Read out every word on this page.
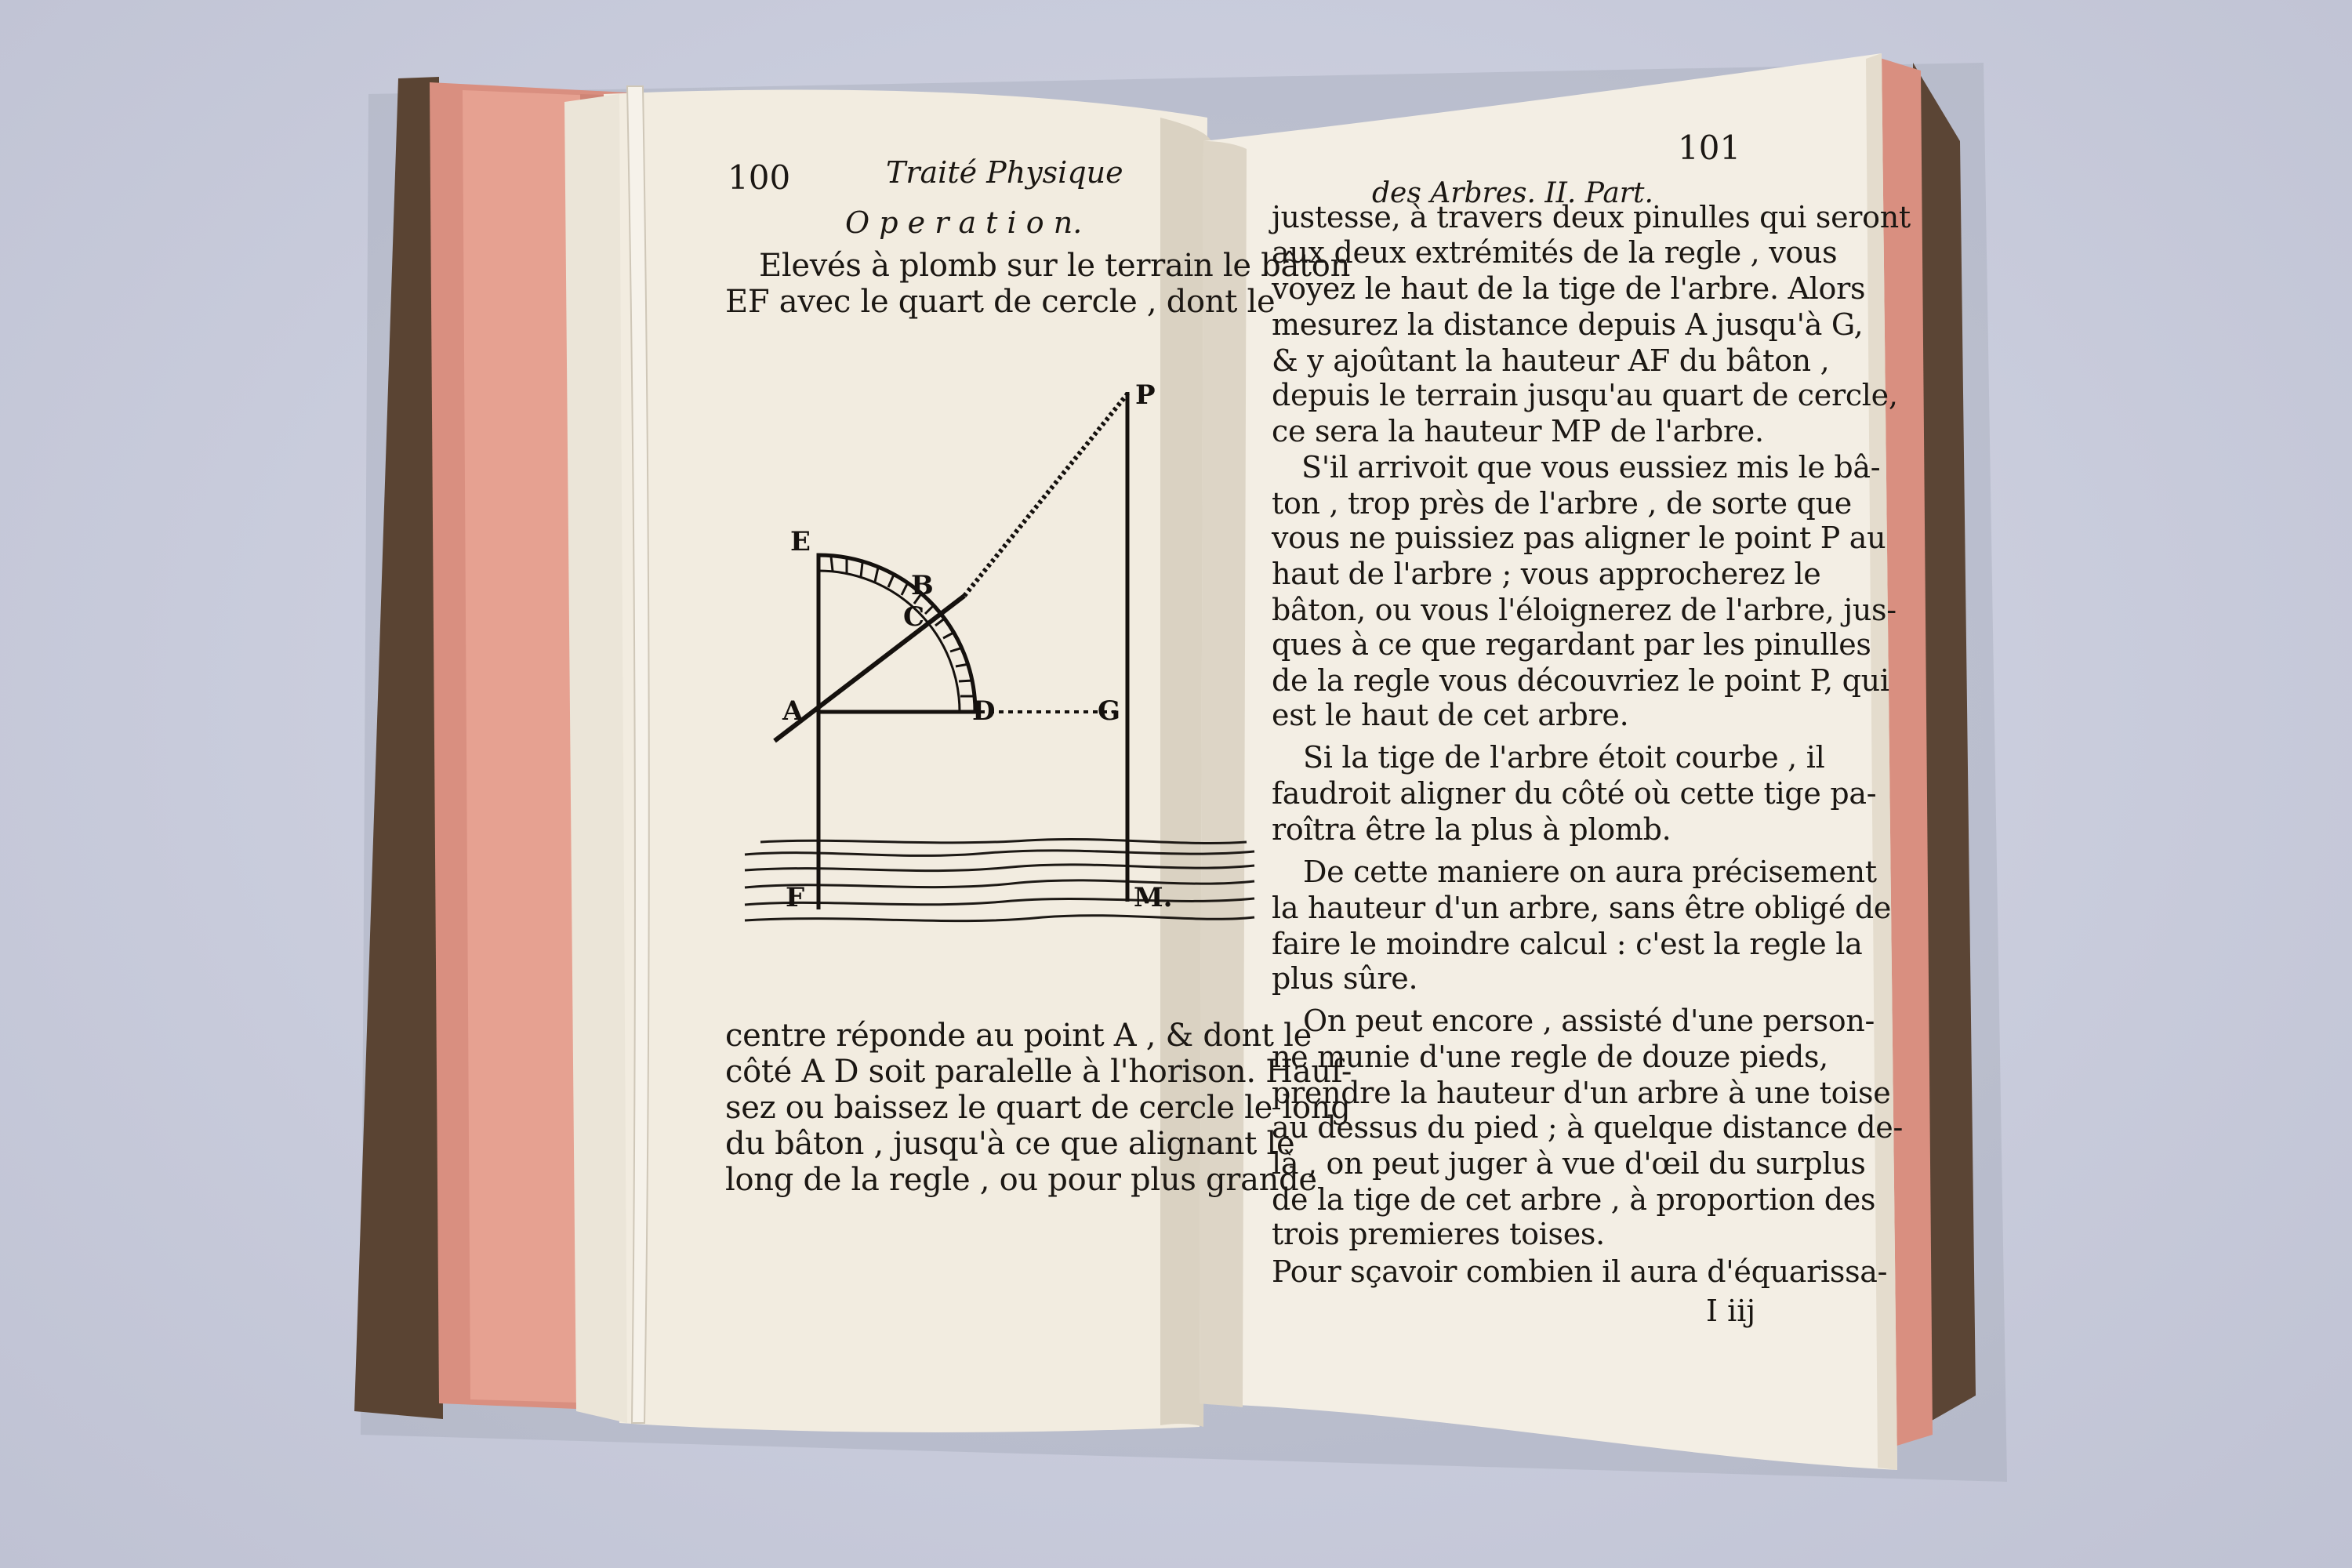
100	Traité Physique
O p e r a t i o n.
Elevés à plomb sur le terrain le bâton
EF avec le quart de cercle , dont le
P
E
B
C
A	D	G
F	M.
centre réponde au point A , & dont le
côté A D soit paralelle à l'horison. Hauf-
sez ou baissez le quart de cercle le long
du bâton , jusqu'à ce que alignant le
long de la regle , ou pour plus grande
des Arbres. II. Part.
101
justesse, à travers deux pinulles qui seront
aux deux extrémités de la regle , vous
voyez le haut de la tige de l'arbre. Alors
mesurez la distance depuis A jusqu'à G,
& y ajoûtant la hauteur AF du bâton ,
depuis le terrain jusqu'au quart de cercle,
ce sera la hauteur MP de l'arbre.
S'il arrivoit que vous eussiez mis le bâ-
ton , trop près de l'arbre , de sorte que
vous ne puissiez pas aligner le point P au
haut de l'arbre ; vous approcherez le
bâton, ou vous l'éloignerez de l'arbre, jus-
ques à ce que regardant par les pinulles
de la regle vous découvriez le point P, qui
est le haut de cet arbre.
Si la tige de l'arbre étoit courbe , il
faudroit aligner du côté où cette tige pa-
roîtra être la plus à plomb.
De cette maniere on aura précisement
la hauteur d'un arbre, sans être obligé de
faire le moindre calcul : c'est la regle la
plus sûre.
On peut encore , assisté d'une person-
ne munie d'une regle de douze pieds,
prendre la hauteur d'un arbre à une toise
au dessus du pied ; à quelque distance de-
là , on peut juger à vue d'œil du surplus
de la tige de cet arbre , à proportion des
trois premieres toises.
Pour sçavoir combien il aura d'équarissa-
I iij
